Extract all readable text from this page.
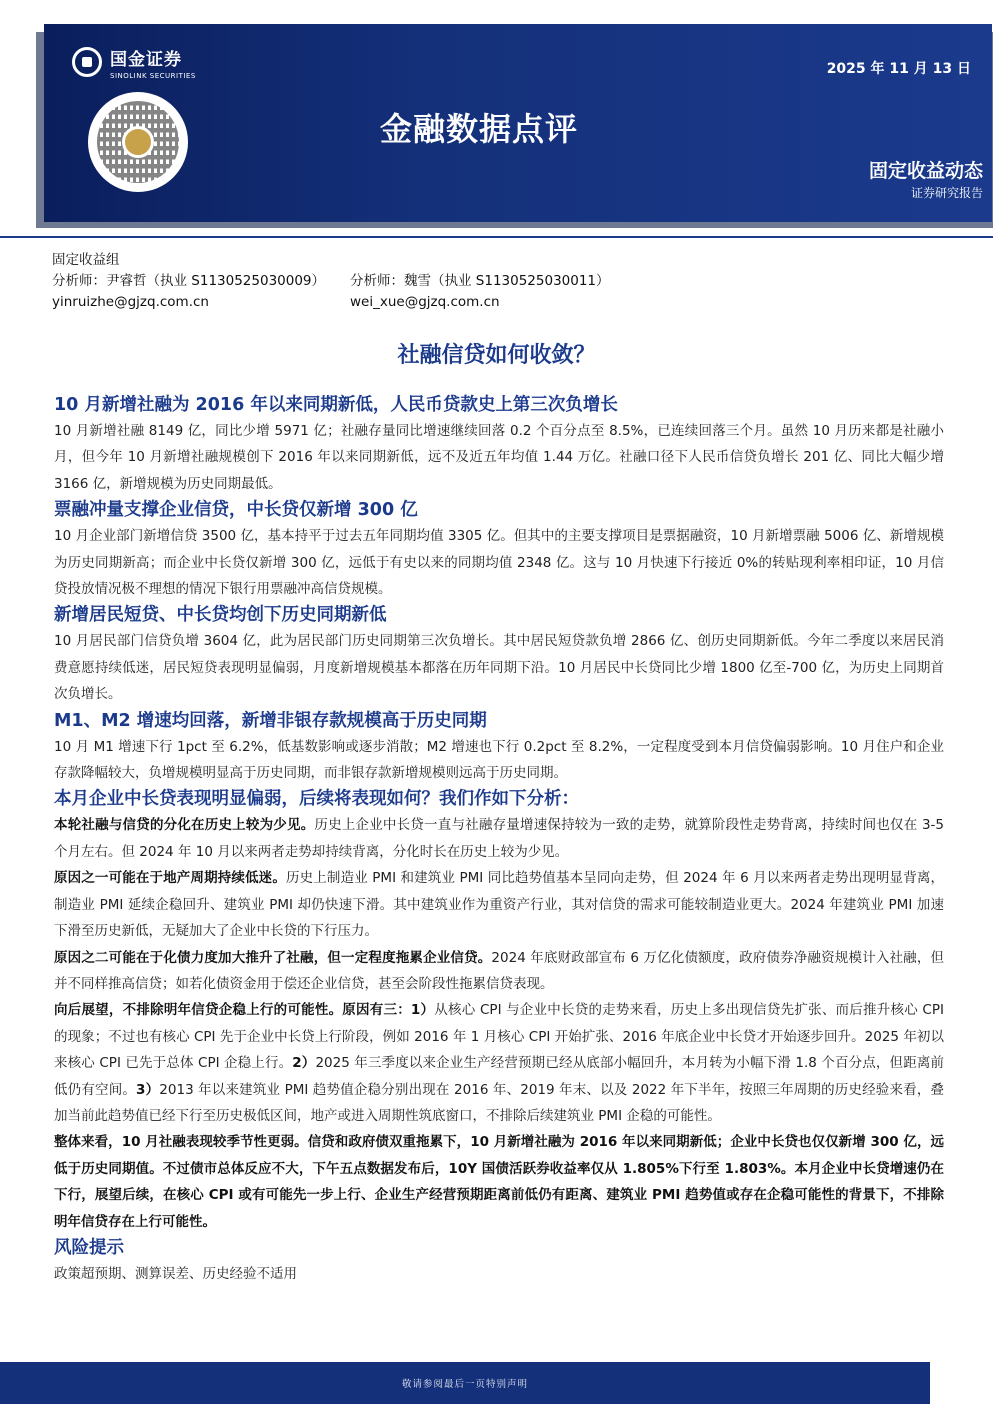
国金证券
SINOLINK SECURITIES	2025 年 11 月 13 日
金融数据点评
固定收益动态
证券研究报告
固定收益组
分析师：尹睿哲（执业 S1130525030009）	分析师：魏雪（执业 S1130525030011）
yinruizhe@gjzq.com.cn	wei_xue@gjzq.com.cn
社融信贷如何收敛？
10 月新增社融为 2016 年以来同期新低，人民币贷款史上第三次负增长

10 月新增社融 8149 亿，同比少增 5971 亿；社融存量同比增速继续回落 0.2 个百分点至 8.5%，已连续回落三个月。虽然 10 月历来都是社融小月，但今年 10 月新增社融规模创下 2016 年以来同期新低，远不及近五年均值 1.44 万亿。社融口径下人民币信贷负增长 201 亿、同比大幅少增 3166 亿，新增规模为历史同期最低。

票融冲量支撑企业信贷，中长贷仅新增 300 亿

10 月企业部门新增信贷 3500 亿，基本持平于过去五年同期均值 3305 亿。但其中的主要支撑项目是票据融资，10 月新增票融 5006 亿、新增规模为历史同期新高；而企业中长贷仅新增 300 亿，远低于有史以来的同期均值 2348 亿。这与 10 月快速下行接近 0%的转贴现利率相印证，10 月信贷投放情况极不理想的情况下银行用票融冲高信贷规模。

新增居民短贷、中长贷均创下历史同期新低

10 月居民部门信贷负增 3604 亿，此为居民部门历史同期第三次负增长。其中居民短贷款负增 2866 亿、创历史同期新低。今年二季度以来居民消费意愿持续低迷，居民短贷表现明显偏弱，月度新增规模基本都落在历年同期下沿。10 月居民中长贷同比少增 1800 亿至-700 亿，为历史上同期首次负增长。

M1、M2 增速均回落，新增非银存款规模高于历史同期

10 月 M1 增速下行 1pct 至 6.2%，低基数影响或逐步消散；M2 增速也下行 0.2pct 至 8.2%，一定程度受到本月信贷偏弱影响。10 月住户和企业存款降幅较大，负增规模明显高于历史同期，而非银存款新增规模则远高于历史同期。

本月企业中长贷表现明显偏弱，后续将表现如何？我们作如下分析：

本轮社融与信贷的分化在历史上较为少见。历史上企业中长贷一直与社融存量增速保持较为一致的走势，就算阶段性走势背离，持续时间也仅在 3-5 个月左右。但 2024 年 10 月以来两者走势却持续背离，分化时长在历史上较为少见。

原因之一可能在于地产周期持续低迷。历史上制造业 PMI 和建筑业 PMI 同比趋势值基本呈同向走势，但 2024 年 6 月以来两者走势出现明显背离，制造业 PMI 延续企稳回升、建筑业 PMI 却仍快速下滑。其中建筑业作为重资产行业，其对信贷的需求可能较制造业更大。2024 年建筑业 PMI 加速下滑至历史新低，无疑加大了企业中长贷的下行压力。

原因之二可能在于化债力度加大推升了社融，但一定程度拖累企业信贷。2024 年底财政部宣布 6 万亿化债额度，政府债券净融资规模计入社融，但并不同样推高信贷；如若化债资金用于偿还企业信贷，甚至会阶段性拖累信贷表现。

向后展望，不排除明年信贷企稳上行的可能性。原因有三：1）从核心 CPI 与企业中长贷的走势来看，历史上多出现信贷先扩张、而后推升核心 CPI 的现象；不过也有核心 CPI 先于企业中长贷上行阶段，例如 2016 年 1 月核心 CPI 开始扩张、2016 年底企业中长贷才开始逐步回升。2025 年初以来核心 CPI 已先于总体 CPI 企稳上行。2）2025 年三季度以来企业生产经营预期已经从底部小幅回升，本月转为小幅下滑 1.8 个百分点，但距离前低仍有空间。3）2013 年以来建筑业 PMI 趋势值企稳分别出现在 2016 年、2019 年末、以及 2022 年下半年，按照三年周期的历史经验来看，叠加当前此趋势值已经下行至历史极低区间，地产或进入周期性筑底窗口，不排除后续建筑业 PMI 企稳的可能性。

整体来看，10 月社融表现较季节性更弱。信贷和政府债双重拖累下，10 月新增社融为 2016 年以来同期新低；企业中长贷也仅仅新增 300 亿，远低于历史同期值。不过债市总体反应不大，下午五点数据发布后，10Y 国债活跃券收益率仅从 1.805%下行至 1.803%。本月企业中长贷增速仍在下行，展望后续，在核心 CPI 或有可能先一步上行、企业生产经营预期距离前低仍有距离、建筑业 PMI 趋势值或存在企稳可能性的背景下，不排除明年信贷存在上行可能性。

风险提示

政策超预期、测算误差、历史经验不适用

敬请参阅最后一页特别声明
